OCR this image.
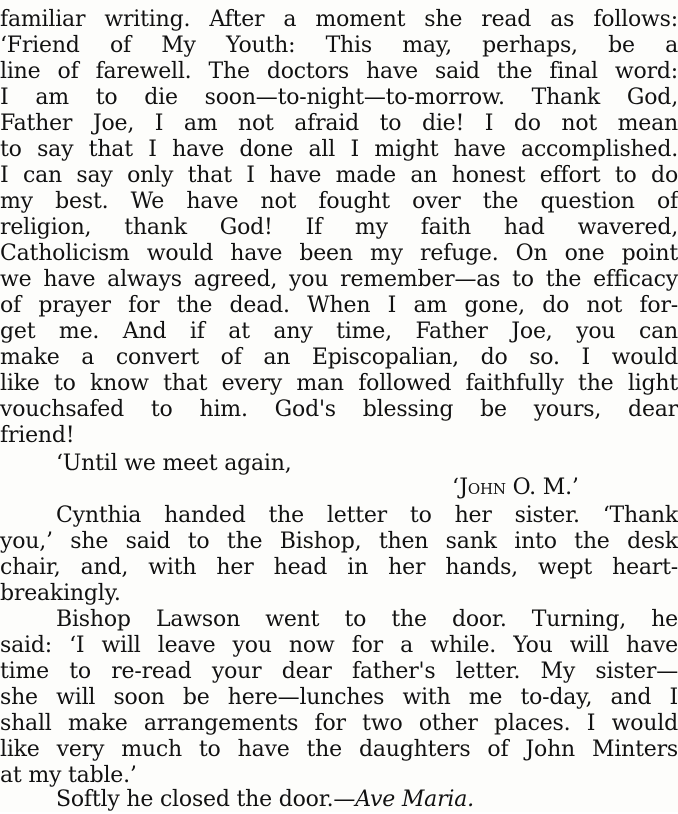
familiar writing. After a moment she read as follows:
‘Friend of My Youth: This may, perhaps, be a
line of farewell. The doctors have said the final word:
I am to die soon—to-night—to-morrow. Thank God,
Father Joe, I am not afraid to die! I do not mean
to say that I have done all I might have accomplished.
I can say only that I have made an honest effort to do
my best. We have not fought over the question of
religion, thank God! If my faith had wavered,
Catholicism would have been my refuge. On one point
we have always agreed, you remember—as to the efficacy
of prayer for the dead. When I am gone, do not for-
get me. And if at any time, Father Joe, you can
make a convert of an Episcopalian, do so. I would
like to know that every man followed faithfully the light
vouchsafed to him. God's blessing be yours, dear
friend!
‘Until we meet again,
‘John O. M.’
Cynthia handed the letter to her sister. ‘Thank
you,’ she said to the Bishop, then sank into the desk
chair, and, with her head in her hands, wept heart-
breakingly.
Bishop Lawson went to the door. Turning, he
said: ‘I will leave you now for a while. You will have
time to re-read your dear father's letter. My sister—
she will soon be here—lunches with me to-day, and I
shall make arrangements for two other places. I would
like very much to have the daughters of John Minters
at my table.’
Softly he closed the door.—Ave Maria.
